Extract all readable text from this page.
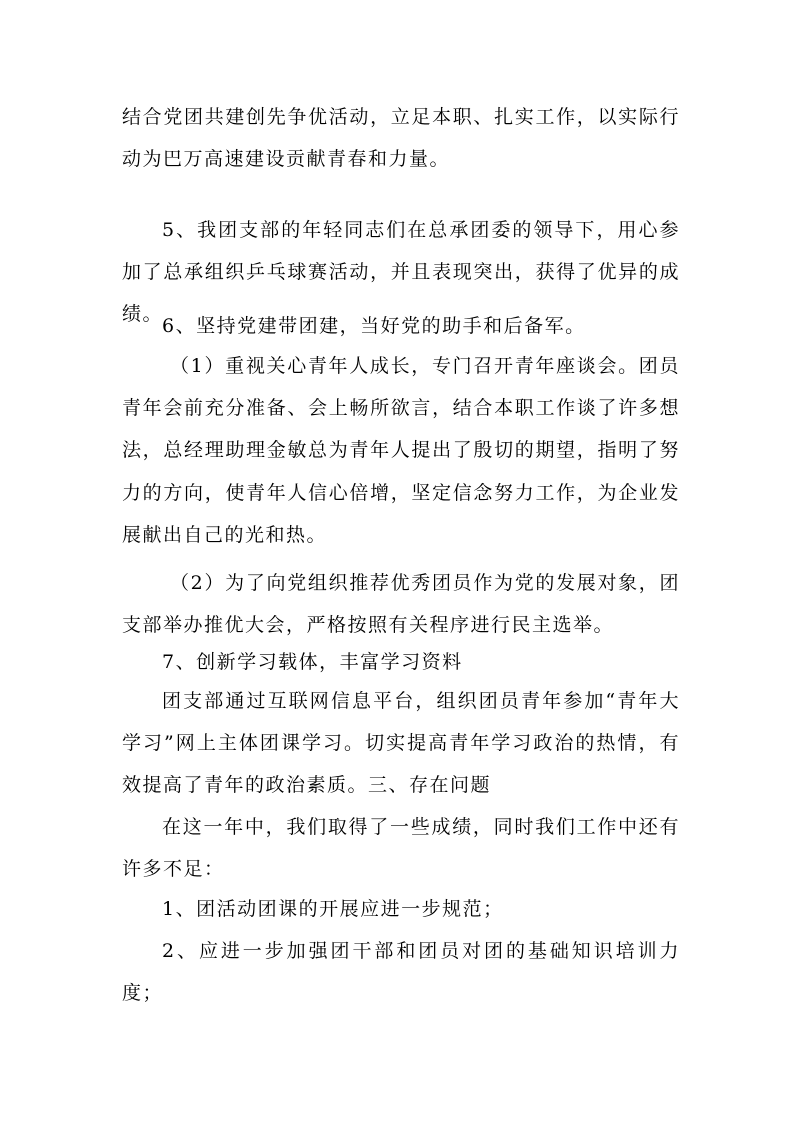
结合党团共建创先争优活动，立足本职、扎实工作，以实际行动为巴万高速建设贡献青春和力量。

5、我团支部的年轻同志们在总承团委的领导下，用心参加了总承组织乒乓球赛活动，并且表现突出，获得了优异的成绩。

6、坚持党建带团建，当好党的助手和后备军。

（1）重视关心青年人成长，专门召开青年座谈会。团员青年会前充分准备、会上畅所欲言，结合本职工作谈了许多想法，总经理助理金敏总为青年人提出了殷切的期望，指明了努力的方向，使青年人信心倍增，坚定信念努力工作，为企业发展献出自己的光和热。

（2）为了向党组织推荐优秀团员作为党的发展对象，团支部举办推优大会，严格按照有关程序进行民主选举。

7、创新学习载体，丰富学习资料

团支部通过互联网信息平台，组织团员青年参加“青年大学习”网上主体团课学习。切实提高青年学习政治的热情，有效提高了青年的政治素质。三、存在问题

在这一年中，我们取得了一些成绩，同时我们工作中还有许多不足：

1、团活动团课的开展应进一步规范；

2、应进一步加强团干部和团员对团的基础知识培训力度；
